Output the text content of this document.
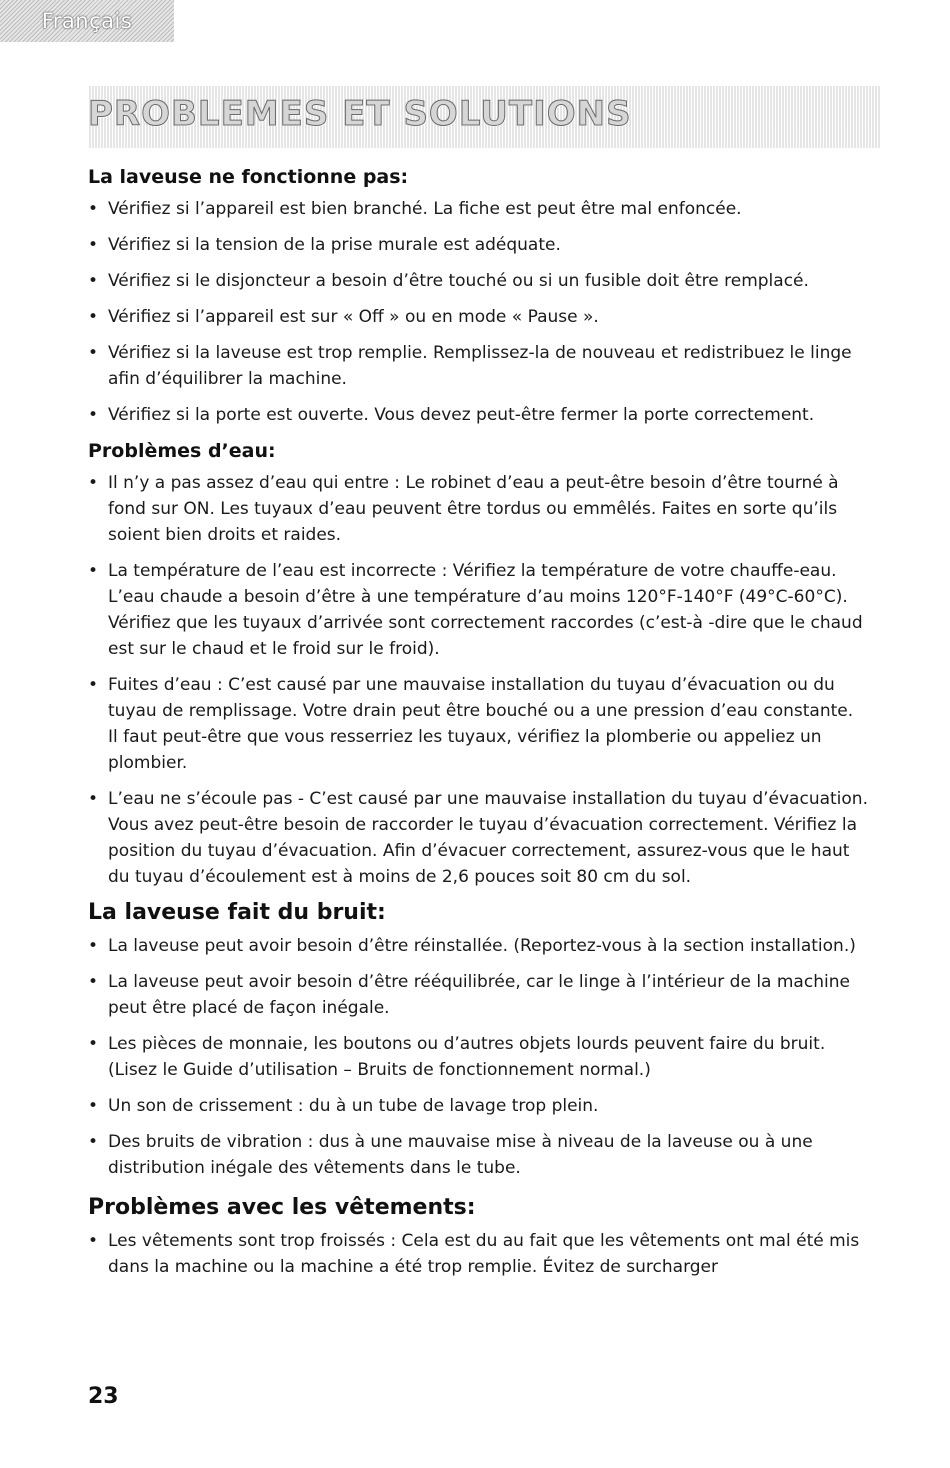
Français
PROBLEMES ET SOLUTIONS
La laveuse ne fonctionne pas:
• Vérifiez si l’appareil est bien branché. La fiche est peut être mal enfoncée.
• Vérifiez si la tension de la prise murale est adéquate.
• Vérifiez si le disjoncteur a besoin d’être touché ou si un fusible doit être remplacé.
• Vérifiez si l’appareil est sur « Off » ou en mode « Pause ».
• Vérifiez si la laveuse est trop remplie. Remplissez-la de nouveau et redistribuez le linge afin d’équilibrer la machine.
• Vérifiez si la porte est ouverte. Vous devez peut-être fermer la porte correctement.
Problèmes d’eau:
• Il n’y a pas assez d’eau qui entre : Le robinet d’eau a peut-être besoin d’être tourné à fond sur ON. Les tuyaux d’eau peuvent être tordus ou emmêlés. Faites en sorte qu’ils soient bien droits et raides.
• La température de l’eau est incorrecte : Vérifiez la température de votre chauffe-eau. L’eau chaude a besoin d’être à une température d’au moins 120°F-140°F (49°C-60°C). Vérifiez que les tuyaux d’arrivée sont correctement raccordes (c’est-à -dire que le chaud est sur le chaud et le froid sur le froid).
• Fuites d’eau : C’est causé par une mauvaise installation du tuyau d’évacuation ou du tuyau de remplissage. Votre drain peut être bouché ou a une pression d’eau constante. Il faut peut-être que vous resserriez les tuyaux, vérifiez la plomberie ou appeliez un plombier.
• L’eau ne s’écoule pas - C’est causé par une mauvaise installation du tuyau d’évacuation. Vous avez peut-être besoin de raccorder le tuyau d’évacuation correctement. Vérifiez la position du tuyau d’évacuation. Afin d’évacuer correctement, assurez-vous que le haut du tuyau d’écoulement est à moins de 2,6 pouces soit 80 cm du sol.
La laveuse fait du bruit:
• La laveuse peut avoir besoin d’être réinstallée. (Reportez-vous à la section installation.)
• La laveuse peut avoir besoin d’être rééquilibrée, car le linge à l’intérieur de la machine peut être placé de façon inégale.
• Les pièces de monnaie, les boutons ou d’autres objets lourds peuvent faire du bruit. (Lisez le Guide d’utilisation – Bruits de fonctionnement normal.)
• Un son de crissement : du à un tube de lavage trop plein.
• Des bruits de vibration : dus à une mauvaise mise à niveau de la laveuse ou à une distribution inégale des vêtements dans le tube.
Problèmes avec les vêtements:
• Les vêtements sont trop froissés : Cela est du au fait que les vêtements ont mal été mis dans la machine ou la machine a été trop remplie. Évitez de surcharger
23
